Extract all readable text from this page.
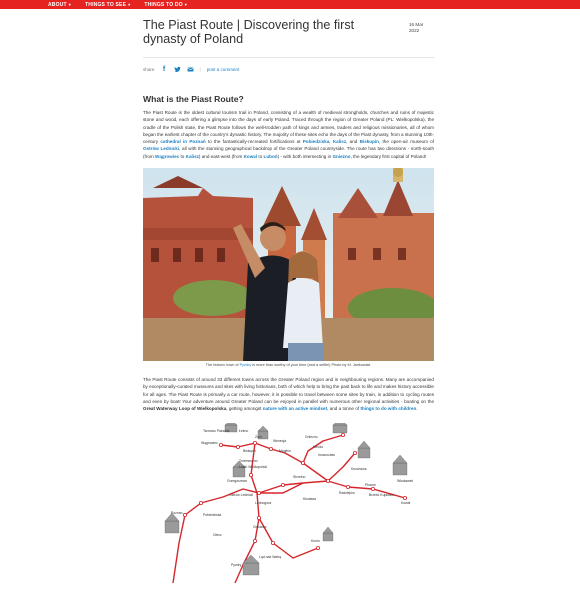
ABOUT ▾	THINGS TO SEE ▾	THINGS TO DO ▾
The Piast Route | Discovering the first dynasty of Poland
16 Mar
2022
share	f	| post a comment
What is the Piast Route?

The Piast Route is the oldest cultural tourism trail in Poland, consisting of a wealth of medieval strongholds, churches and ruins of majestic stone and wood, each offering a glimpse into the days of early Poland. Traced through the region of Greater Poland (PL: Wielkopolska), the cradle of the Polish state, the Piast Route follows the well-trodden path of kings and armies, traders and religious missionaries, all of whom began the earliest chapter of the country's dynastic history. The majority of these sites echo the days of the Piast dynasty, from a stunning 10th-century cathedral in Poznań to the fantastically-recreated fortifications at Pobiedziska, Kalisz, and Biskupin, the open-air museum of Ostrów Lednicki, all with the stunning geographical backdrop of the Greater Poland countryside. The route has two directions - north-south (from Wągrowiec to Kalisz) and east-west (from Kowal to Luboń) - with both intersecting in Gniezno, the legendary first capital of Poland!

The historic town of Pyzdry is more than worthy of your time (and a selfie!) Photo by M. Jankowski.

The Piast Route consists of around 33 different towns across the Greater Poland region and in neighbouring regions. Many are accompanied by exceptionally-curated museums and sites with living historians, both of which help to bring the past back to life and makes history accessible for all ages. The Piast Route is primarily a car route, however, it is possible to travel between some sites by train, in addition to cycling routes and even by boat! Your adventure around Greater Poland can be enjoyed in parallel with numerous other regional activities - boating on the Great Waterway Loop of Wielkopolska, getting amongst nature with an active mindset, and a tonne of things to do with children.

Tarnowo Pałuckie	Łekno
Wągrowiec
Żnin
Biskupin
Wenecja
Gniezno
Kłecko
Mogilno
Trzemeszno
Lubiń Wielkopolski
Inowrocław
Kruszwica
Grzegorzewo
Kowal
Włocławek
Strzelno
Ostrów Lednicki
Lednogóra
Pobiedziska
Poznań
Giecz
Grodziec
Konin
Ląd nad Wartą
Pyzdry
Kłodawa
Radziejów	Brześć Kujawski
Płowce
